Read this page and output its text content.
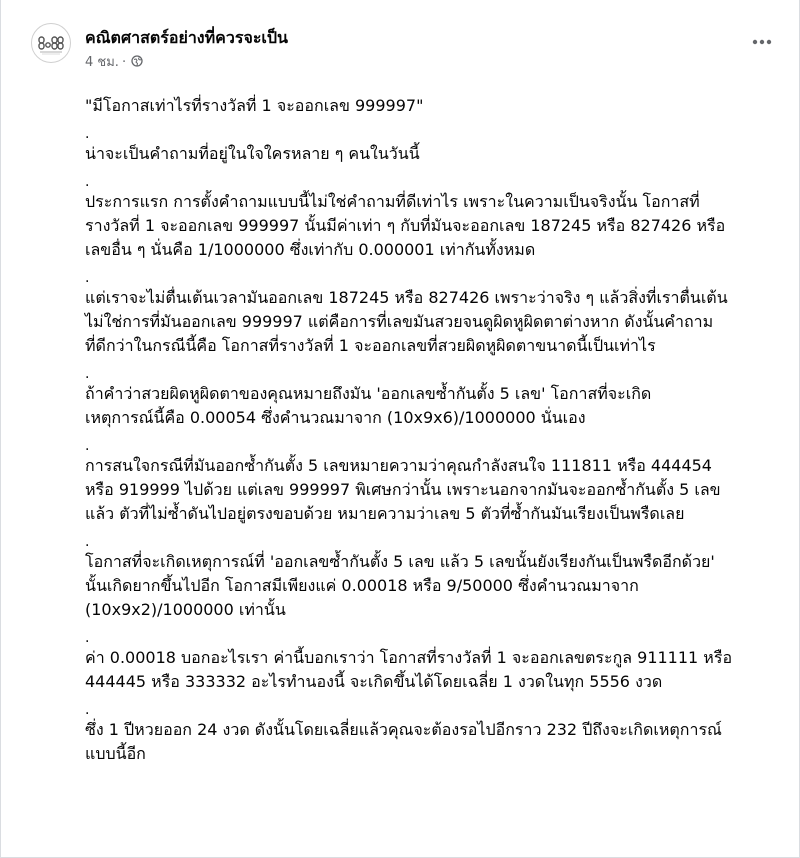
คณิตศาสตร์อย่างที่ควรจะเป็น
4 ชม. ·

"มีโอกาสเท่าไรที่รางวัลที่ 1 จะออกเลข 999997"

.

น่าจะเป็นคำถามที่อยู่ในใจใครหลาย ๆ คนในวันนี้

.

ประการแรก การตั้งคำถามแบบนี้ไม่ใช่คำถามที่ดีเท่าไร เพราะในความเป็นจริงนั้น โอกาสที่
รางวัลที่ 1 จะออกเลข 999997 นั้นมีค่าเท่า ๆ กับที่มันจะออกเลข 187245 หรือ 827426 หรือ
เลขอื่น ๆ นั่นคือ 1/1000000 ซึ่งเท่ากับ 0.000001 เท่ากันทั้งหมด

.

แต่เราจะไม่ตื่นเต้นเวลามันออกเลข 187245 หรือ 827426 เพราะว่าจริง ๆ แล้วสิ่งที่เราตื่นเต้น
ไม่ใช่การที่มันออกเลข 999997 แต่คือการที่เลขมันสวยจนดูผิดหูผิดตาต่างหาก ดังนั้นคำถาม
ที่ดีกว่าในกรณีนี้คือ โอกาสที่รางวัลที่ 1 จะออกเลขที่สวยผิดหูผิดตาขนาดนี้เป็นเท่าไร

.

ถ้าคำว่าสวยผิดหูผิดตาของคุณหมายถึงมัน 'ออกเลขซ้ำกันตั้ง 5 เลข' โอกาสที่จะเกิด
เหตุการณ์นี้คือ 0.00054 ซึ่งคำนวณมาจาก (10x9x6)/1000000 นั่นเอง

.

การสนใจกรณีที่มันออกซ้ำกันตั้ง 5 เลขหมายความว่าคุณกำลังสนใจ 111811 หรือ 444454
หรือ 919999 ไปด้วย แต่เลข 999997 พิเศษกว่านั้น เพราะนอกจากมันจะออกซ้ำกันตั้ง 5 เลข
แล้ว ตัวที่ไม่ซ้ำดันไปอยู่ตรงขอบด้วย หมายความว่าเลข 5 ตัวที่ซ้ำกันมันเรียงเป็นพรืดเลย

.

โอกาสที่จะเกิดเหตุการณ์ที่ 'ออกเลขซ้ำกันตั้ง 5 เลข แล้ว 5 เลขนั้นยังเรียงกันเป็นพรืดอีกด้วย'
นั้นเกิดยากขึ้นไปอีก โอกาสมีเพียงแค่ 0.00018 หรือ 9/50000 ซึ่งคำนวณมาจาก
(10x9x2)/1000000 เท่านั้น

.

ค่า 0.00018 บอกอะไรเรา ค่านี้บอกเราว่า โอกาสที่รางวัลที่ 1 จะออกเลขตระกูล 911111 หรือ
444445 หรือ 333332 อะไรทำนองนี้ จะเกิดขึ้นได้โดยเฉลี่ย 1 งวดในทุก 5556 งวด

.

ซึ่ง 1 ปีหวยออก 24 งวด ดังนั้นโดยเฉลี่ยแล้วคุณจะต้องรอไปอีกราว 232 ปีถึงจะเกิดเหตุการณ์
แบบนี้อีก
